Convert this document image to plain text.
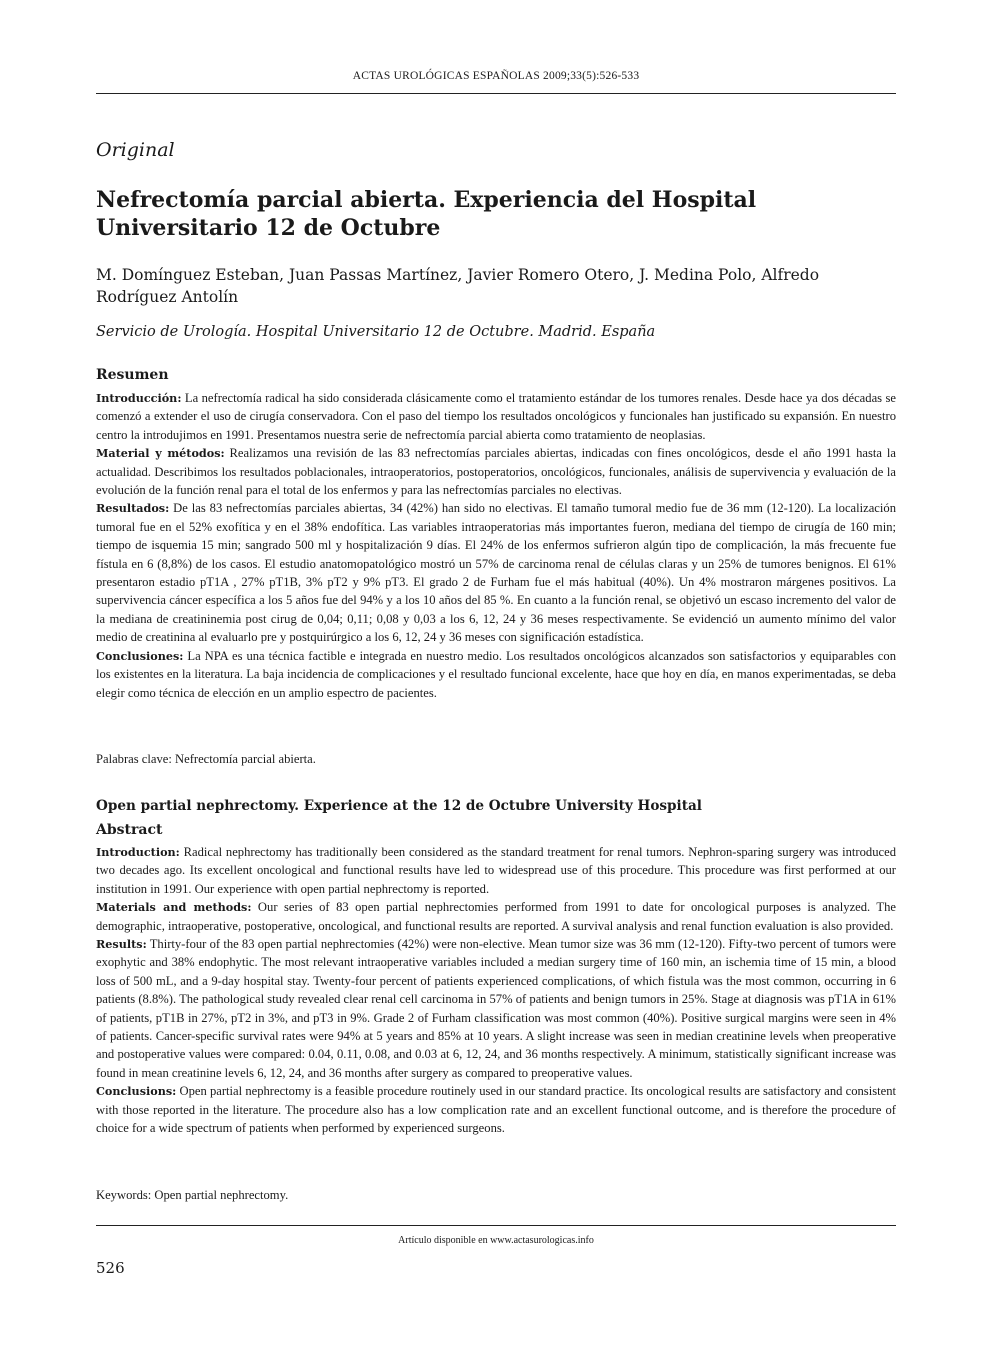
ACTAS UROLÓGICAS ESPAÑOLAS 2009;33(5):526-533
Original
Nefrectomía parcial abierta. Experiencia del Hospital Universitario 12 de Octubre
M. Domínguez Esteban, Juan Passas Martínez, Javier Romero Otero, J. Medina Polo, Alfredo Rodríguez Antolín
Servicio de Urología. Hospital Universitario 12 de Octubre. Madrid. España
Resumen

Introducción: La nefrectomía radical ha sido considerada clásicamente como el tratamiento estándar de los tumores renales. Desde hace ya dos décadas se comenzó a extender el uso de cirugía conservadora. Con el paso del tiempo los resultados oncológicos y funcionales han justificado su expansión. En nuestro centro la introdujimos en 1991. Presentamos nuestra serie de nefrectomía parcial abierta como tratamiento de neoplasias.

Material y métodos: Realizamos una revisión de las 83 nefrectomías parciales abiertas, indicadas con fines oncológicos, desde el año 1991 hasta la actualidad. Describimos los resultados poblacionales, intraoperatorios, postoperatorios, oncológicos, funcionales, análisis de supervivencia y evaluación de la evolución de la función renal para el total de los enfermos y para las nefrectomías parciales no electivas.

Resultados: De las 83 nefrectomías parciales abiertas, 34 (42%) han sido no electivas. El tamaño tumoral medio fue de 36 mm (12-120). La localización tumoral fue en el 52% exofítica y en el 38% endofítica. Las variables intraoperatorias más importantes fueron, mediana del tiempo de cirugía de 160 min; tiempo de isquemia 15 min; sangrado 500 ml y hospitalización 9 días. El 24% de los enfermos sufrieron algún tipo de complicación, la más frecuente fue fístula en 6 (8,8%) de los casos. El estudio anatomopatológico mostró un 57% de carcinoma renal de células claras y un 25% de tumores benignos. El 61% presentaron estadio pT1A , 27% pT1B, 3% pT2 y 9% pT3. El grado 2 de Furham fue el más habitual (40%). Un 4% mostraron márgenes positivos. La supervivencia cáncer específica a los 5 años fue del 94% y a los 10 años del 85 %. En cuanto a la función renal, se objetivó un escaso incremento del valor de la mediana de creatininemia post cirug de 0,04; 0,11; 0,08 y 0,03 a los 6, 12, 24 y 36 meses respectivamente. Se evidenció un aumento mínimo del valor medio de creatinina al evaluarlo pre y postquirúrgico a los 6, 12, 24 y 36 meses con significación estadística.

Conclusiones: La NPA es una técnica factible e integrada en nuestro medio. Los resultados oncológicos alcanzados son satisfactorios y equiparables con los existentes en la literatura. La baja incidencia de complicaciones y el resultado funcional excelente, hace que hoy en día, en manos experimentadas, se deba elegir como técnica de elección en un amplio espectro de pacientes.

Palabras clave: Nefrectomía parcial abierta.
Open partial nephrectomy. Experience at the 12 de Octubre University Hospital
Abstract

Introduction: Radical nephrectomy has traditionally been considered as the standard treatment for renal tumors. Nephron-sparing surgery was introduced two decades ago. Its excellent oncological and functional results have led to widespread use of this procedure. This procedure was first performed at our institution in 1991. Our experience with open partial nephrectomy is reported.

Materials and methods: Our series of 83 open partial nephrectomies performed from 1991 to date for oncological purposes is analyzed. The demographic, intraoperative, postoperative, oncological, and functional results are reported. A survival analysis and renal function evaluation is also provided.

Results: Thirty-four of the 83 open partial nephrectomies (42%) were non-elective. Mean tumor size was 36 mm (12-120). Fifty-two percent of tumors were exophytic and 38% endophytic. The most relevant intraoperative variables included a median surgery time of 160 min, an ischemia time of 15 min, a blood loss of 500 mL, and a 9-day hospital stay. Twenty-four percent of patients experienced complications, of which fistula was the most common, occurring in 6 patients (8.8%). The pathological study revealed clear renal cell carcinoma in 57% of patients and benign tumors in 25%. Stage at diagnosis was pT1A in 61% of patients, pT1B in 27%, pT2 in 3%, and pT3 in 9%. Grade 2 of Furham classification was most common (40%). Positive surgical margins were seen in 4% of patients. Cancer-specific survival rates were 94% at 5 years and 85% at 10 years. A slight increase was seen in median creatinine levels when preoperative and postoperative values were compared: 0.04, 0.11, 0.08, and 0.03 at 6, 12, 24, and 36 months respectively. A minimum, statistically significant increase was found in mean creatinine levels 6, 12, 24, and 36 months after surgery as compared to preoperative values.

Conclusions: Open partial nephrectomy is a feasible procedure routinely used in our standard practice. Its oncological results are satisfactory and consistent with those reported in the literature. The procedure also has a low complication rate and an excellent functional outcome, and is therefore the procedure of choice for a wide spectrum of patients when performed by experienced surgeons.

Keywords: Open partial nephrectomy.
Artículo disponible en www.actasurologicas.info
526
